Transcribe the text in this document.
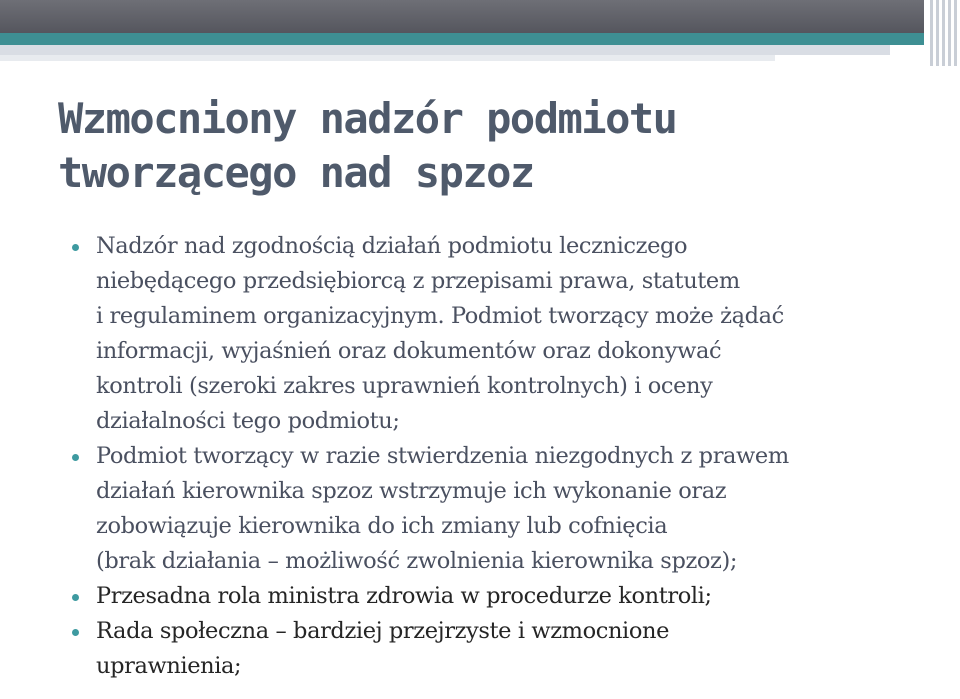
Wzmocniony nadzór podmiotu
tworzącego nad spzoz
Nadzór nad zgodnością działań podmiotu leczniczego
niebędącego przedsiębiorcą z przepisami prawa, statutem
i regulaminem organizacyjnym. Podmiot tworzący może żądać
informacji, wyjaśnień oraz dokumentów oraz dokonywać
kontroli (szeroki zakres uprawnień kontrolnych) i oceny
działalności tego podmiotu;
Podmiot tworzący w razie stwierdzenia niezgodnych z prawem
działań kierownika spzoz wstrzymuje ich wykonanie oraz
zobowiązuje kierownika do ich zmiany lub cofnięcia
(brak działania – możliwość zwolnienia kierownika spzoz);
Przesadna rola ministra zdrowia w procedurze kontroli;
Rada społeczna – bardziej przejrzyste i wzmocnione
uprawnienia;
